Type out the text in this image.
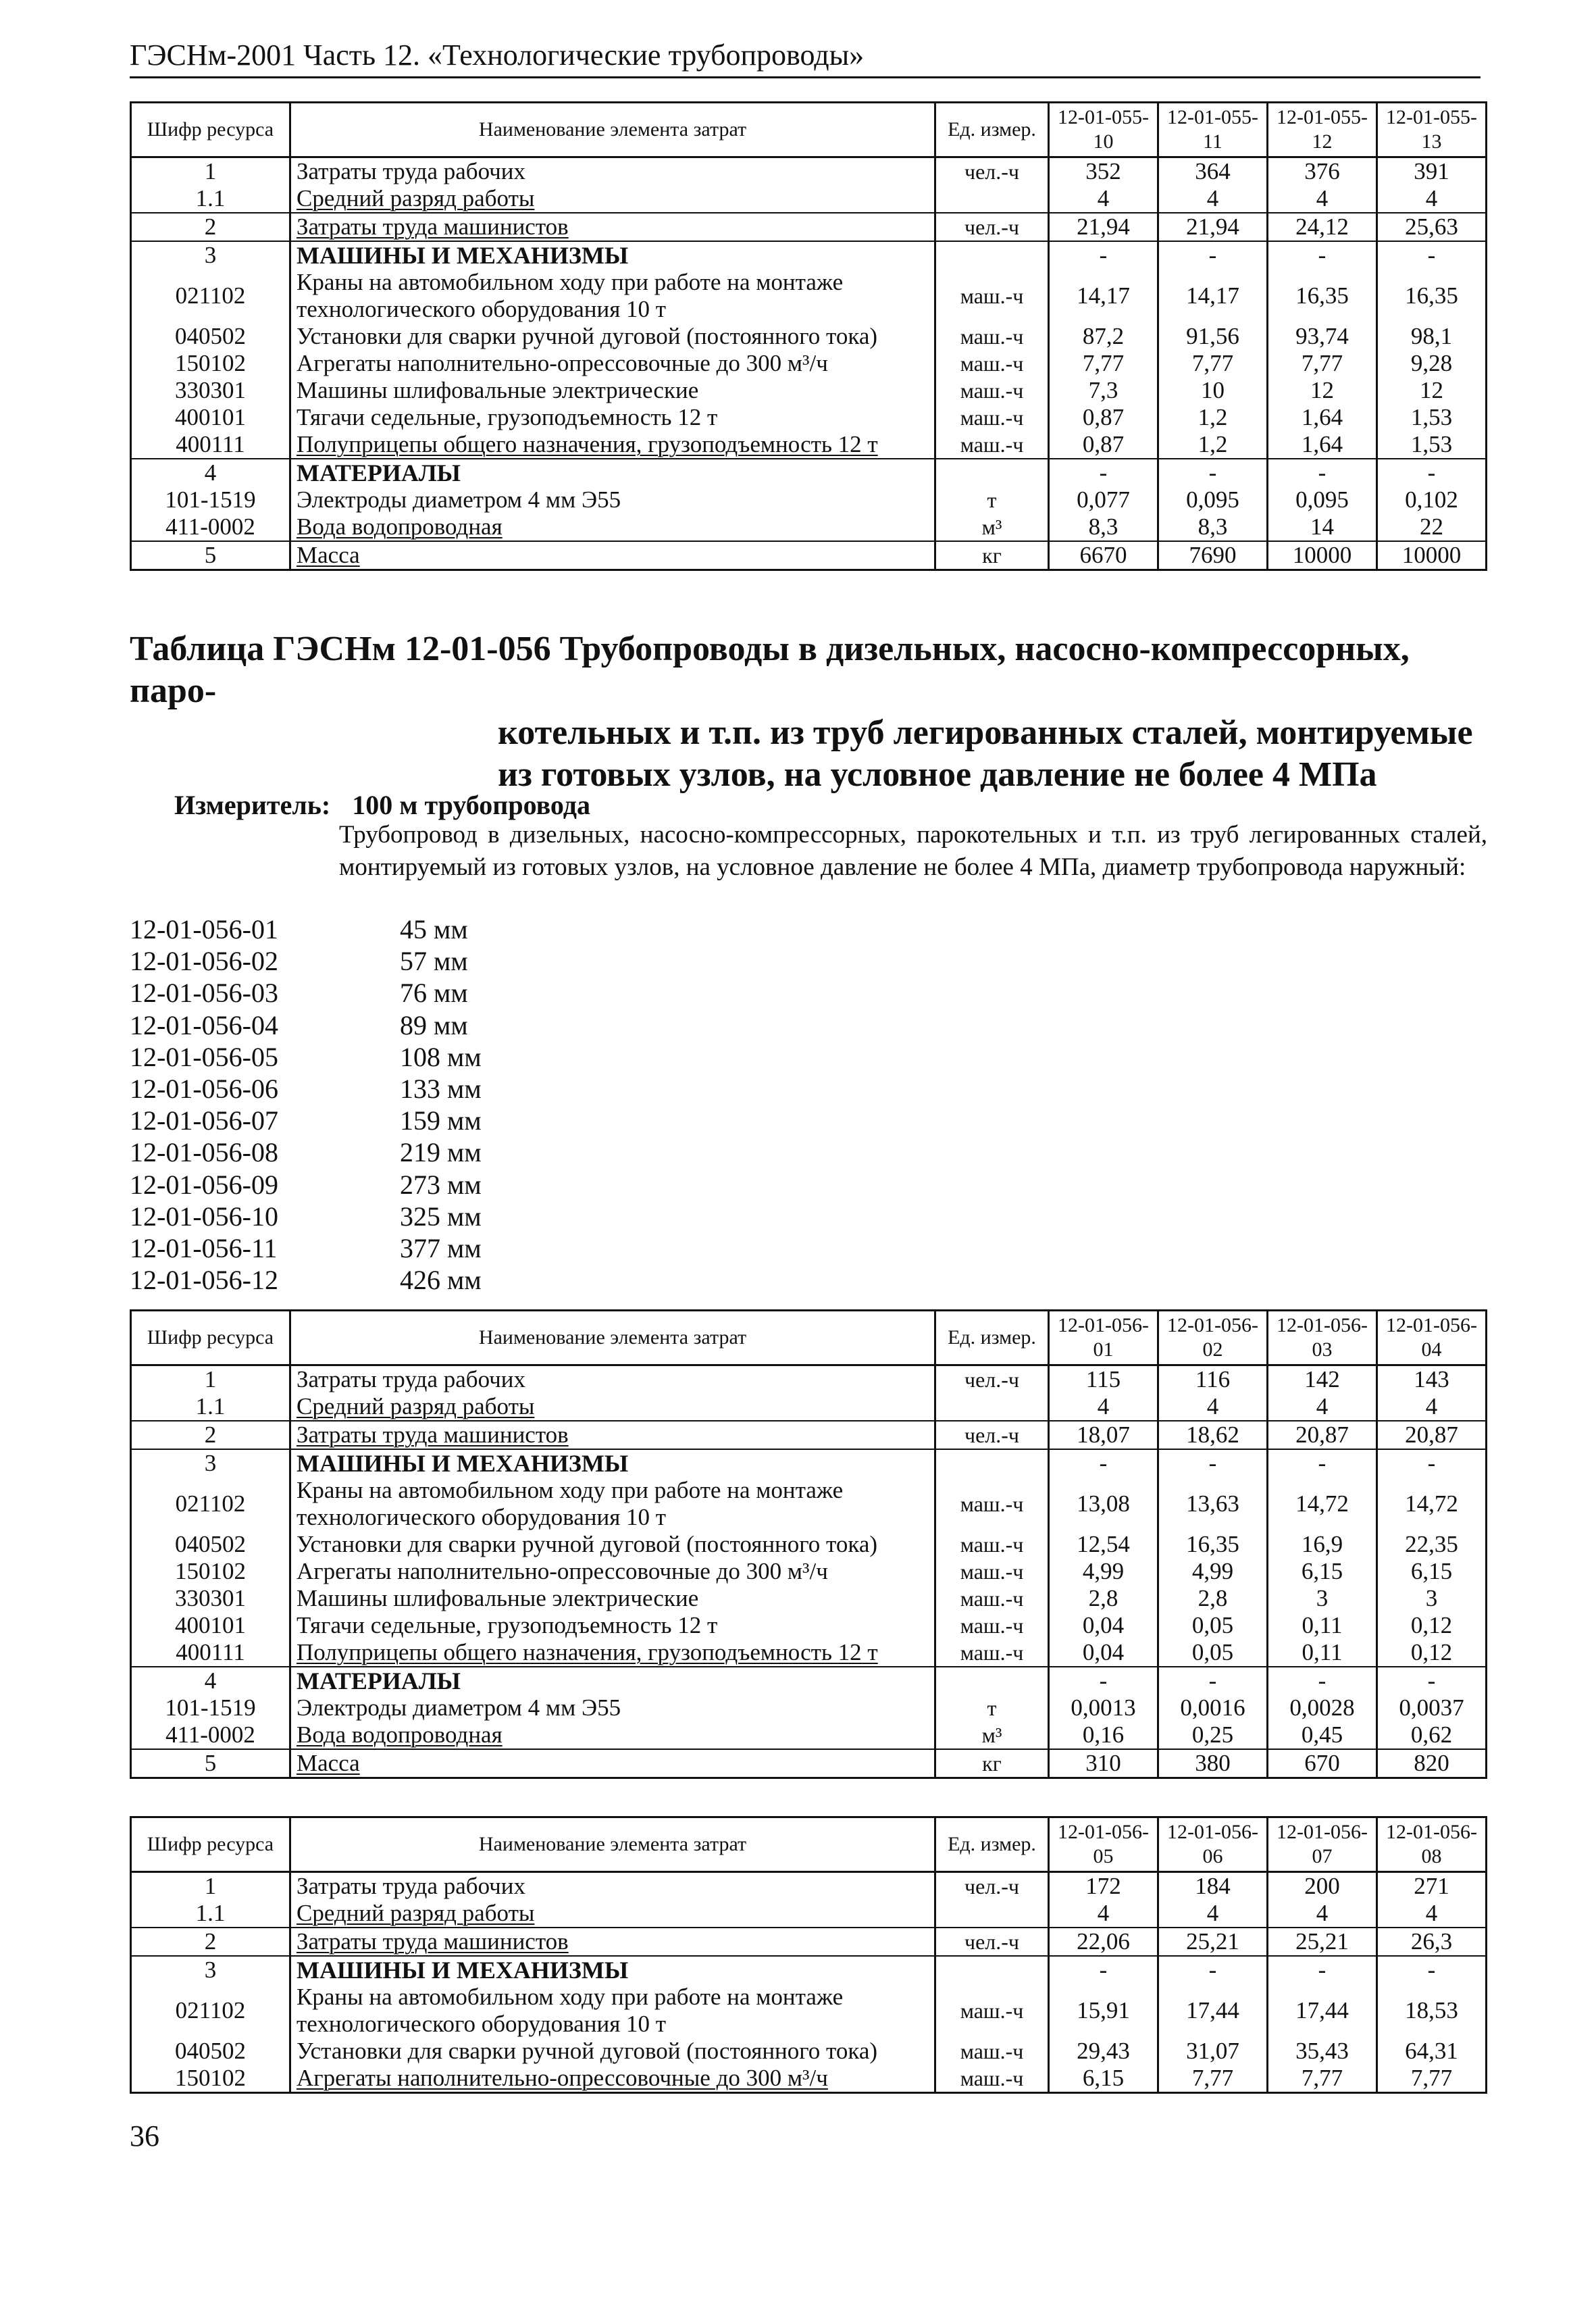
ГЭСНм-2001 Часть 12. «Технологические трубопроводы»
Шифр ресурса	Наименование элемента затрат	Ед. измер.	12-01-055-10	12-01-055-11	12-01-055-12	12-01-055-13
1	Затраты труда рабочих	чел.-ч	352	364	376	391
1.1	Средний разряд работы		4	4	4	4
2	Затраты труда машинистов	чел.-ч	21,94	21,94	24,12	25,63
3	МАШИНЫ И МЕХАНИЗМЫ		-	-	-	-
021102	Краны на автомобильном ходу при работе на монтаже технологического оборудования 10 т	маш.-ч	14,17	14,17	16,35	16,35
040502	Установки для сварки ручной дуговой (постоянного тока)	маш.-ч	87,2	91,56	93,74	98,1
150102	Агрегаты наполнительно-опрессовочные до 300 м³/ч	маш.-ч	7,77	7,77	7,77	9,28
330301	Машины шлифовальные электрические	маш.-ч	7,3	10	12	12
400101	Тягачи седельные, грузоподъемность 12 т	маш.-ч	0,87	1,2	1,64	1,53
400111	Полуприцепы общего назначения, грузоподъемность 12 т	маш.-ч	0,87	1,2	1,64	1,53
4	МАТЕРИАЛЫ		-	-	-	-
101-1519	Электроды диаметром 4 мм Э55	т	0,077	0,095	0,095	0,102
411-0002	Вода водопроводная	м³	8,3	8,3	14	22
5	Масса	кг	6670	7690	10000	10000
Таблица ГЭСНм 12-01-056 Трубопроводы в дизельных, насосно-компрессорных, паро-
котельных и т.п. из труб легированных сталей, монтируемые
из готовых узлов, на условное давление не более 4 МПа
Измеритель: 100 м трубопровода
Трубопровод в дизельных, насосно-компрессорных, парокотельных и т.п. из труб легированных сталей, монтируемый из готовых узлов, на условное давление не более 4 МПа, диаметр трубопровода наружный:
12-01-056-01	45 мм
12-01-056-02	57 мм
12-01-056-03	76 мм
12-01-056-04	89 мм
12-01-056-05	108 мм
12-01-056-06	133 мм
12-01-056-07	159 мм
12-01-056-08	219 мм
12-01-056-09	273 мм
12-01-056-10	325 мм
12-01-056-11	377 мм
12-01-056-12	426 мм
Шифр ресурса	Наименование элемента затрат	Ед. измер.	12-01-056-01	12-01-056-02	12-01-056-03	12-01-056-04
1	Затраты труда рабочих	чел.-ч	115	116	142	143
1.1	Средний разряд работы		4	4	4	4
2	Затраты труда машинистов	чел.-ч	18,07	18,62	20,87	20,87
3	МАШИНЫ И МЕХАНИЗМЫ		-	-	-	-
021102	Краны на автомобильном ходу при работе на монтаже технологического оборудования 10 т	маш.-ч	13,08	13,63	14,72	14,72
040502	Установки для сварки ручной дуговой (постоянного тока)	маш.-ч	12,54	16,35	16,9	22,35
150102	Агрегаты наполнительно-опрессовочные до 300 м³/ч	маш.-ч	4,99	4,99	6,15	6,15
330301	Машины шлифовальные электрические	маш.-ч	2,8	2,8	3	3
400101	Тягачи седельные, грузоподъемность 12 т	маш.-ч	0,04	0,05	0,11	0,12
400111	Полуприцепы общего назначения, грузоподъемность 12 т	маш.-ч	0,04	0,05	0,11	0,12
4	МАТЕРИАЛЫ		-	-	-	-
101-1519	Электроды диаметром 4 мм Э55	т	0,0013	0,0016	0,0028	0,0037
411-0002	Вода водопроводная	м³	0,16	0,25	0,45	0,62
5	Масса	кг	310	380	670	820
Шифр ресурса	Наименование элемента затрат	Ед. измер.	12-01-056-05	12-01-056-06	12-01-056-07	12-01-056-08
1	Затраты труда рабочих	чел.-ч	172	184	200	271
1.1	Средний разряд работы		4	4	4	4
2	Затраты труда машинистов	чел.-ч	22,06	25,21	25,21	26,3
3	МАШИНЫ И МЕХАНИЗМЫ		-	-	-	-
021102	Краны на автомобильном ходу при работе на монтаже технологического оборудования 10 т	маш.-ч	15,91	17,44	17,44	18,53
040502	Установки для сварки ручной дуговой (постоянного тока)	маш.-ч	29,43	31,07	35,43	64,31
150102	Агрегаты наполнительно-опрессовочные до 300 м³/ч	маш.-ч	6,15	7,77	7,77	7,77
36
